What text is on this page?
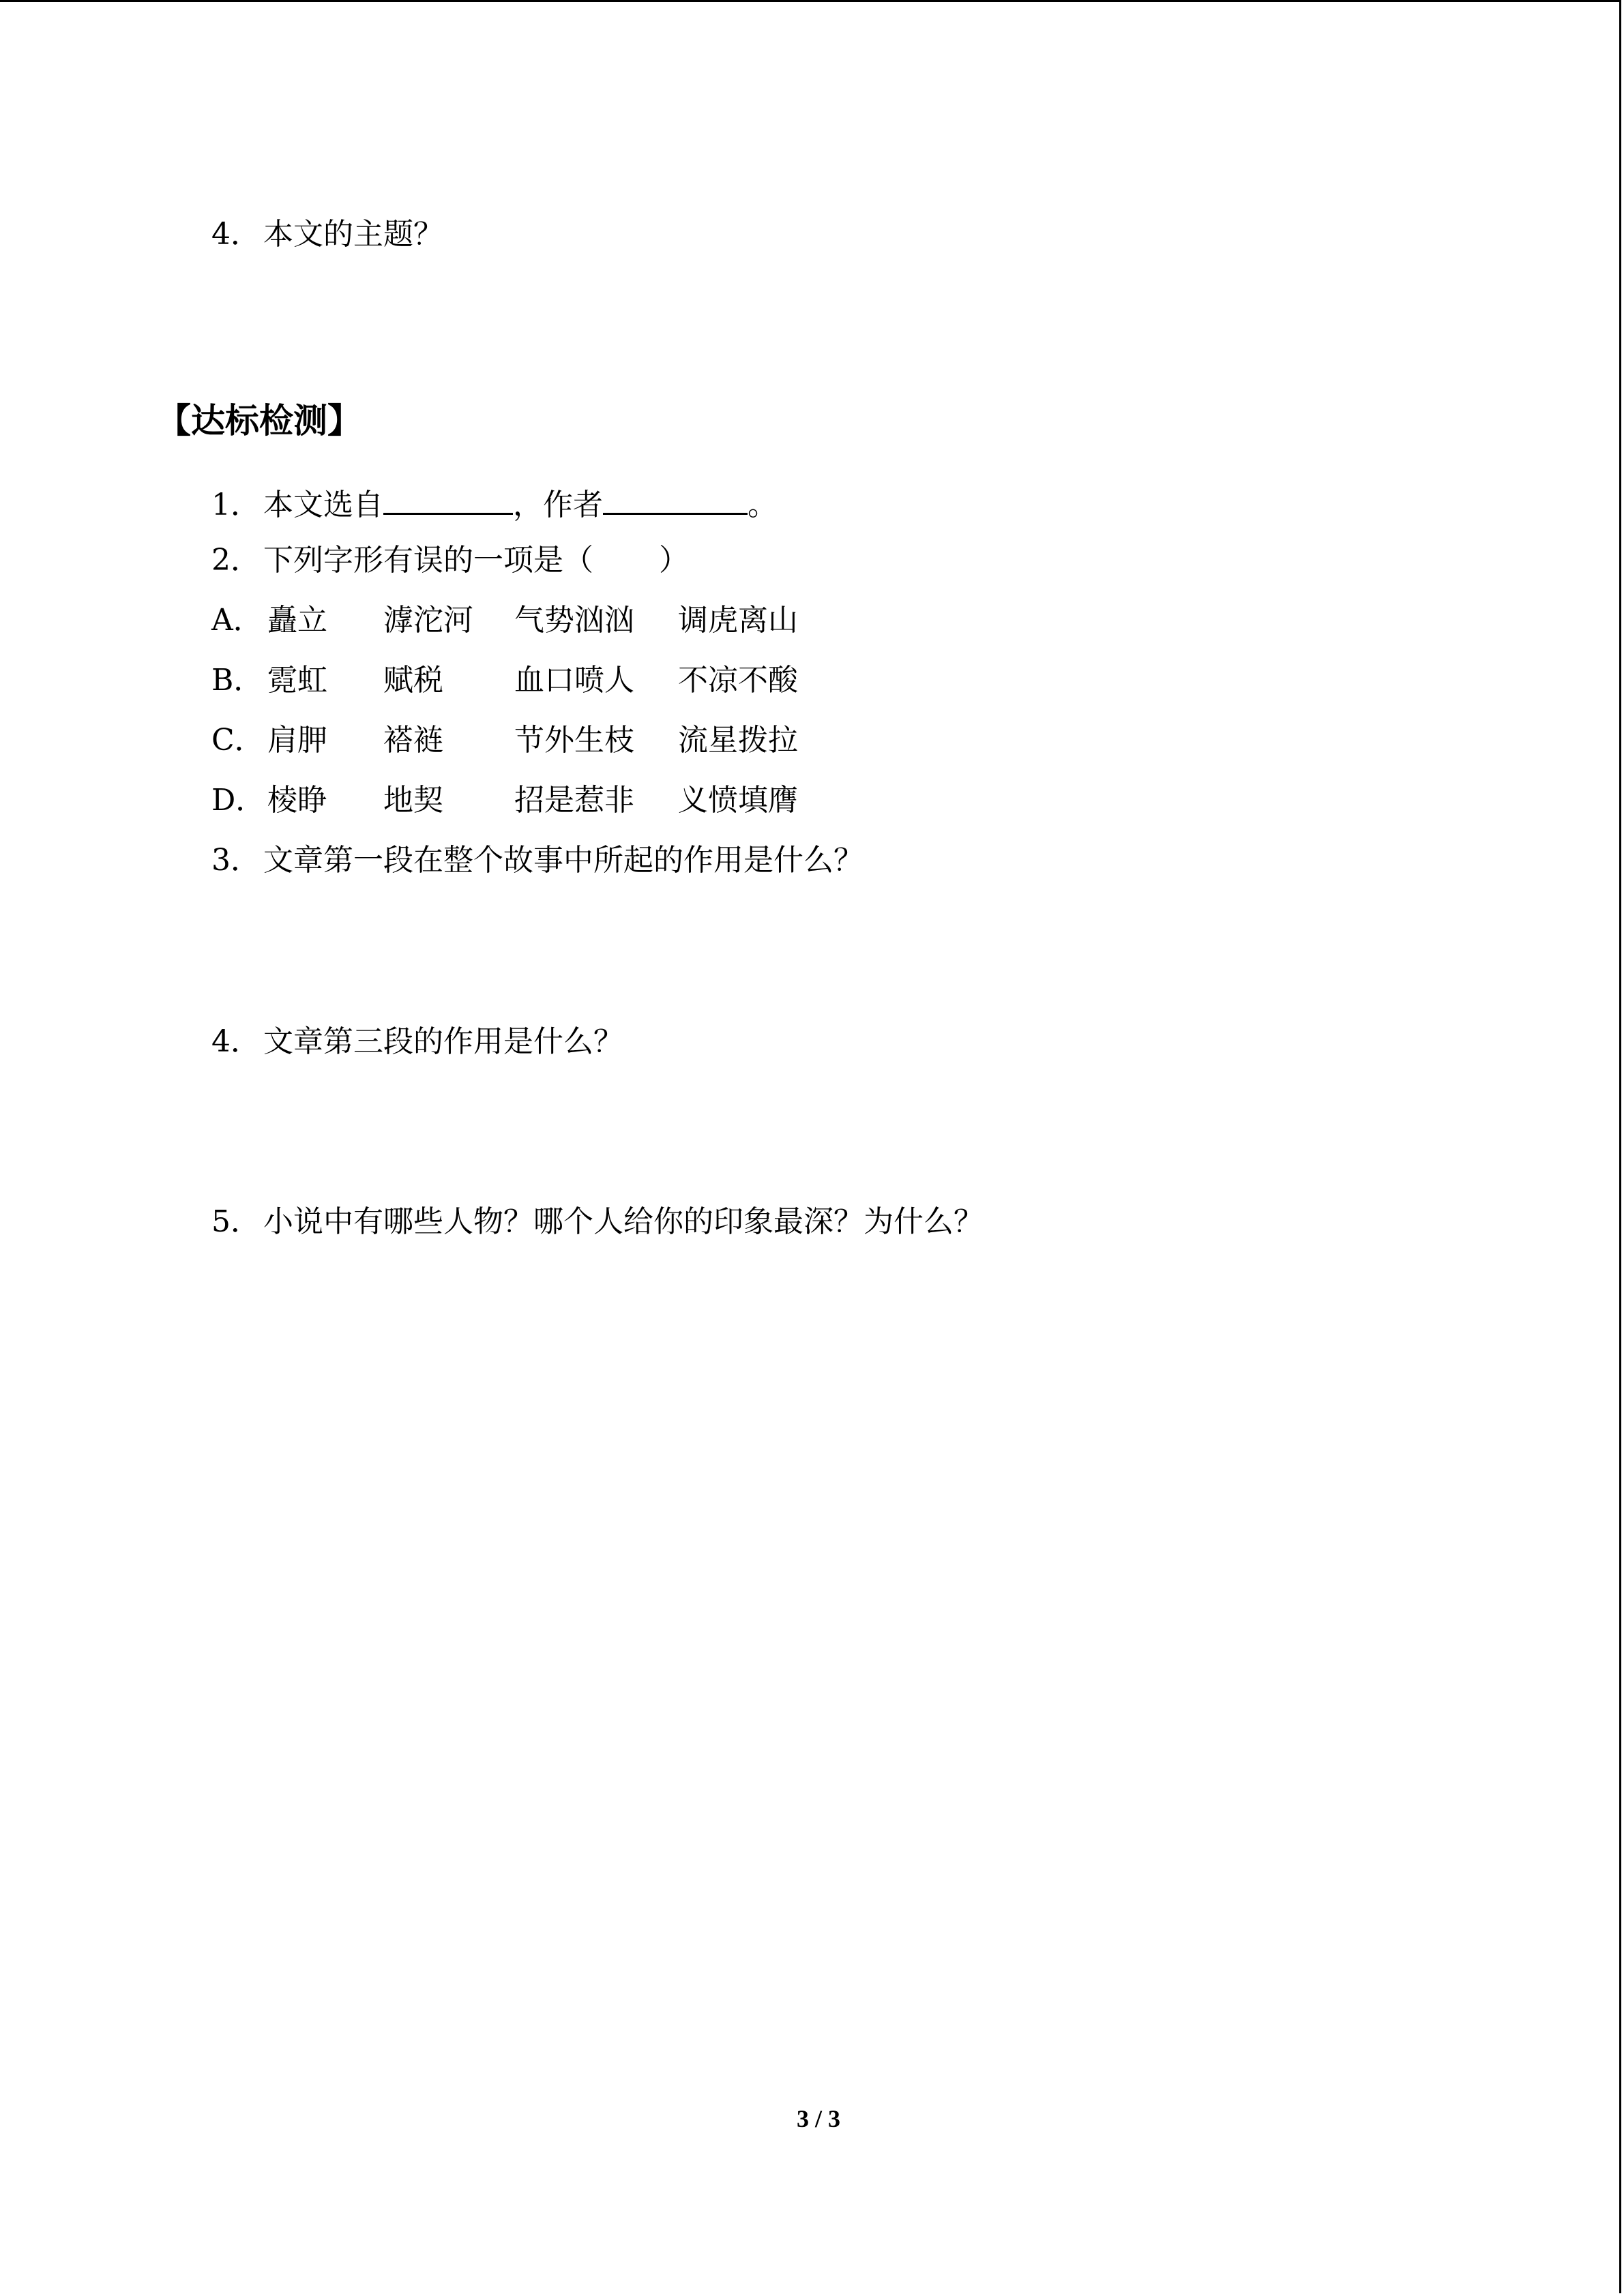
4．本文的主题？
【达标检测】
1．本文选自	，作者	。
2．下列字形有误的一项是（ ）
A． 矗立 滹沱河 气势汹汹 调虎离山
B． 霓虹 赋税 血口喷人 不凉不酸
C．肩胛 褡裢 节外生枝 流星拨拉
D．棱睁 地契 招是惹非 义愤填膺
3．文章第一段在整个故事中所起的作用是什么？
4．文章第三段的作用是什么？
5．小说中有哪些人物？哪个人给你的印象最深？为什么？
3 / 3
